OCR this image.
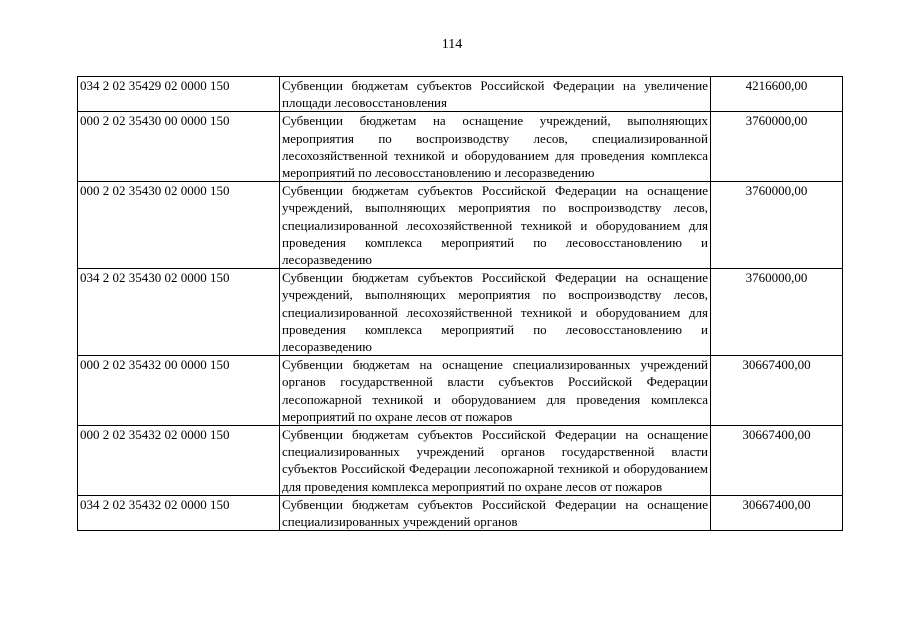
114
034 2 02 35429 02 0000 150	Субвенции бюджетам субъектов Российской Федерации на увеличение площади лесовосстановления	4216600,00
000 2 02 35430 00 0000 150	Субвенции бюджетам на оснащение учреждений, выполняющих мероприятия по воспроизводству лесов, специализированной лесохозяйственной техникой и оборудованием для проведения комплекса мероприятий по лесовосстановлению и лесоразведению	3760000,00
000 2 02 35430 02 0000 150	Субвенции бюджетам субъектов Российской Федерации на оснащение учреждений, выполняющих мероприятия по воспроизводству лесов, специализированной лесохозяйственной техникой и оборудованием для проведения комплекса мероприятий по лесовосстановлению и лесоразведению	3760000,00
034 2 02 35430 02 0000 150	Субвенции бюджетам субъектов Российской Федерации на оснащение учреждений, выполняющих мероприятия по воспроизводству лесов, специализированной лесохозяйственной техникой и оборудованием для проведения комплекса мероприятий по лесовосстановлению и лесоразведению	3760000,00
000 2 02 35432 00 0000 150	Субвенции бюджетам на оснащение специализированных учреждений органов государственной власти субъектов Российской Федерации лесопожарной техникой и оборудованием для проведения комплекса мероприятий по охране лесов от пожаров	30667400,00
000 2 02 35432 02 0000 150	Субвенции бюджетам субъектов Российской Федерации на оснащение специализированных учреждений органов государственной власти субъектов Российской Федерации лесопожарной техникой и оборудованием для проведения комплекса мероприятий по охране лесов от пожаров	30667400,00
034 2 02 35432 02 0000 150	Субвенции бюджетам субъектов Российской Федерации на оснащение специализированных учреждений органов	30667400,00
